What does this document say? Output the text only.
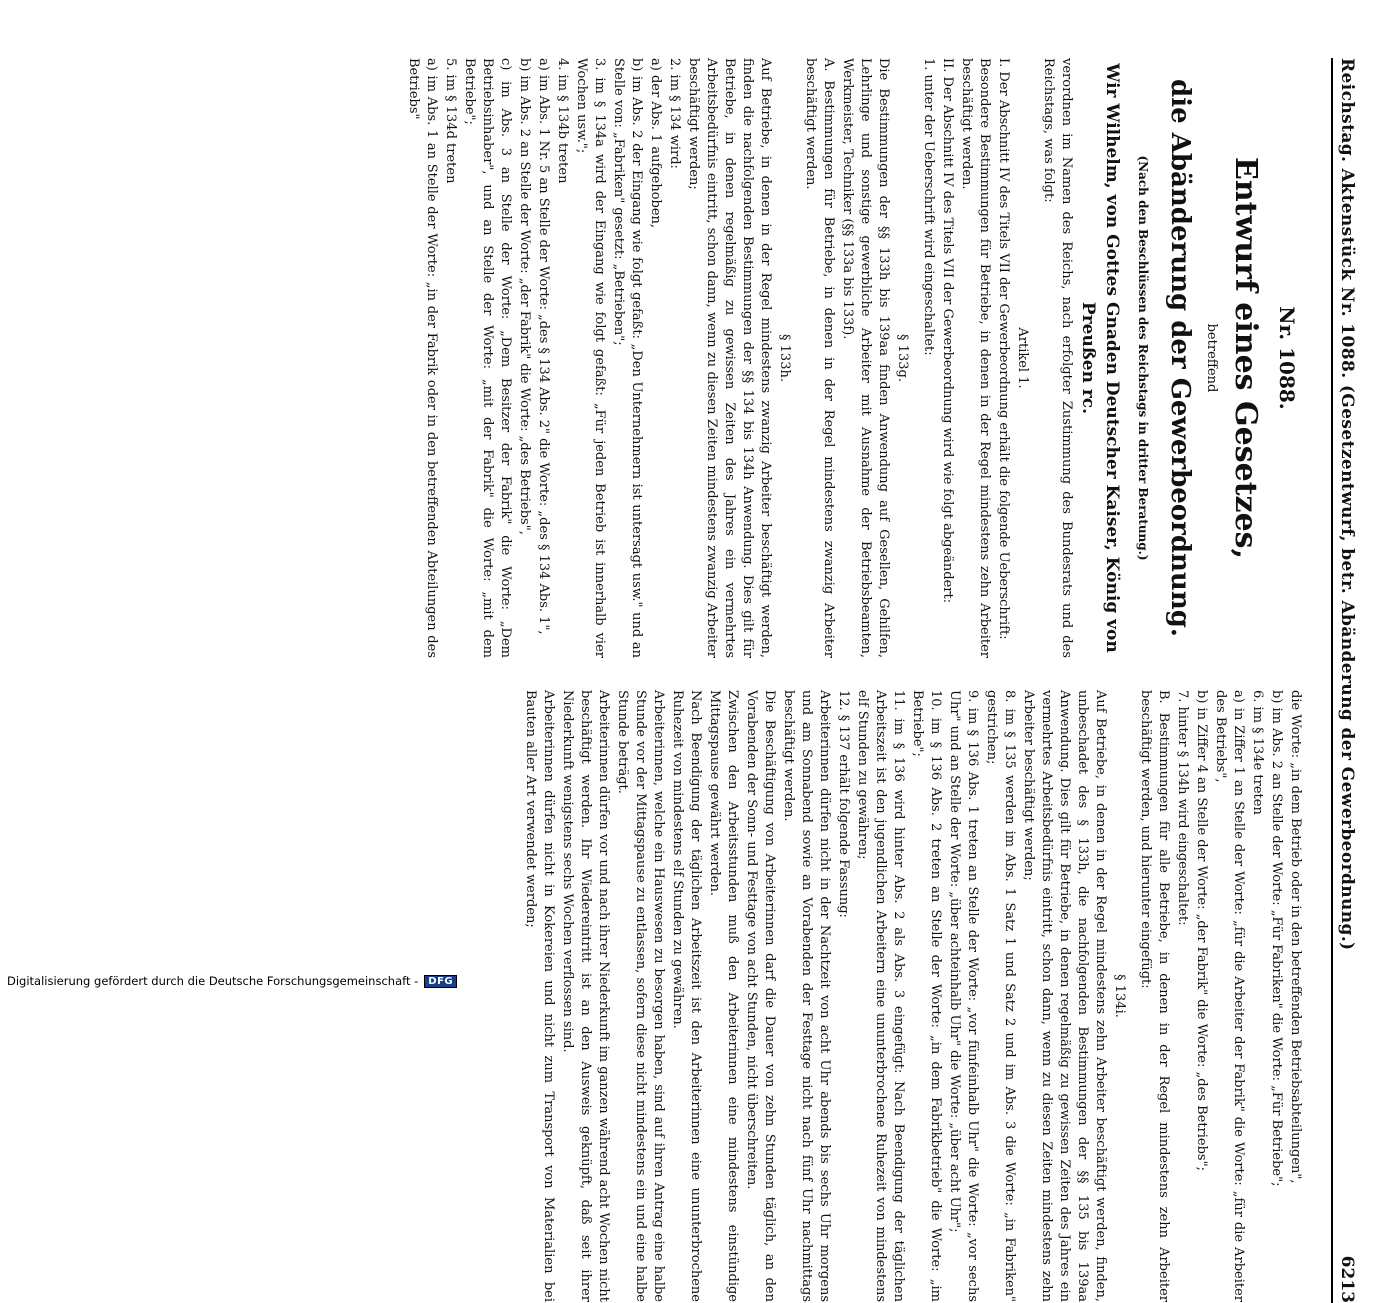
Digitalisierung gefördert durch die Deutsche Forschungsgemeinschaft -	DFG
Reichstag. Aktenstück Nr. 1088. (Gesetzentwurf, betr. Abänderung der Gewerbeordnung.)
6213
Nr. 1088.
Entwurf eines Gesetzes,
betreffend
die Abänderung der Gewerbeordnung.
(Nach den Beschlüssen des Reichstags in dritter Beratung.)
Wir Wilhelm, von Gottes Gnaden Deutscher Kaiser, König von Preußen rc.
verordnen im Namen des Reichs, nach erfolgter Zustimmung des Bundesrats und des Reichstags, was folgt:
Artikel 1.
I. Der Abschnitt IV des Titels VII der Gewerbeordnung erhält die folgende Ueberschrift:
Besondere Bestimmungen für Betriebe, in denen in der Regel mindestens zehn Arbeiter beschäftigt werden.
II. Der Abschnitt IV des Titels VII der Gewerbeordnung wird wie folgt abgeändert:
1. unter der Ueberschrift wird eingeschaltet:
§ 133g.
Die Bestimmungen der §§ 133h bis 139aa finden Anwendung auf Gesellen, Gehilfen, Lehrlinge und sonstige gewerbliche Arbeiter mit Ausnahme der Betriebsbeamten, Werkmeister, Techniker (§§ 133a bis 133f).
A. Bestimmungen für Betriebe, in denen in der Regel mindestens zwanzig Arbeiter beschäftigt werden.
§ 133h.
Auf Betriebe, in denen in der Regel mindestens zwanzig Arbeiter beschäftigt werden, finden die nachfolgenden Bestimmungen der §§ 134 bis 134h Anwendung. Dies gilt für Betriebe, in denen regelmäßig zu gewissen Zeiten des Jahres ein vermehrtes Arbeitsbedürfnis eintritt, schon dann, wenn zu diesen Zeiten mindestens zwanzig Arbeiter beschäftigt werden;
2. im § 134 wird:
a) der Abs. 1 aufgehoben,
b) im Abs. 2 der Eingang wie folgt gefaßt: „Den Unternehmern ist untersagt usw." und an Stelle von: „Fabriken" gesetzt: „Betrieben";
3. im § 134a wird der Eingang wie folgt gefaßt: „Für jeden Betrieb ist innerhalb vier Wochen usw.";
4. im § 134b treten
a) im Abs. 1 Nr. 5 an Stelle der Worte: „des § 134 Abs. 2" die Worte: „des § 134 Abs. 1",
b) im Abs. 2 an Stelle der Worte: „der Fabrik" die Worte: „des Betriebs",
c) im Abs. 3 an Stelle der Worte: „Dem Besitzer der Fabrik" die Worte: „Dem Betriebsinhaber", und an Stelle der Worte: „mit der Fabrik" die Worte: „mit dem Betriebe";
5. im § 134d treten
a) im Abs. 1 an Stelle der Worte: „in der Fabrik oder in den betreffenden Abteilungen des Betriebs"
die Worte: „in dem Betrieb oder in den betreffenden Betriebsabteilungen",
b) im Abs. 2 an Stelle der Worte: „Für Fabriken" die Worte: „Für Betriebe";
6. im § 134e treten
a) in Ziffer 1 an Stelle der Worte: „für die Arbeiter der Fabrik" die Worte: „für die Arbeiter des Betriebs",
b) in Ziffer 4 an Stelle der Worte: „der Fabrik" die Worte: „des Betriebs";
7. hinter § 134h wird eingeschaltet:
B. Bestimmungen für alle Betriebe, in denen in der Regel mindestens zehn Arbeiter beschäftigt werden, und hierunter eingefügt:
§ 134i.
Auf Betriebe, in denen in der Regel mindestens zehn Arbeiter beschäftigt werden, finden, unbeschadet des § 133h, die nachfolgenden Bestimmungen der §§ 135 bis 139aa Anwendung. Dies gilt für Betriebe, in denen regelmäßig zu gewissen Zeiten des Jahres ein vermehrtes Arbeitsbedürfnis eintritt, schon dann, wenn zu diesen Zeiten mindestens zehn Arbeiter beschäftigt werden;
8. im § 135 werden im Abs. 1 Satz 1 und Satz 2 und im Abs. 3 die Worte: „in Fabriken" gestrichen;
9. im § 136 Abs. 1 treten an Stelle der Worte: „vor fünfeinhalb Uhr" die Worte: „vor sechs Uhr" und an Stelle der Worte: „über achteinhalb Uhr" die Worte: „über acht Uhr";
10. im § 136 Abs. 2 treten an Stelle der Worte: „in dem Fabrikbetrieb" die Worte: „im Betriebe";
11. im § 136 wird hinter Abs. 2 als Abs. 3 eingefügt: Nach Beendigung der täglichen Arbeitszeit ist den jugendlichen Arbeitern eine ununterbrochene Ruhezeit von mindestens elf Stunden zu gewähren;
12. § 137 erhält folgende Fassung:
Arbeiterinnen dürfen nicht in der Nachtzeit von acht Uhr abends bis sechs Uhr morgens und am Sonnabend sowie an Vorabenden der Festtage nicht nach fünf Uhr nachmittags beschäftigt werden.
Die Beschäftigung von Arbeiterinnen darf die Dauer von zehn Stunden täglich, an den Vorabenden der Sonn- und Festtage von acht Stunden, nicht überschreiten.
Zwischen den Arbeitsstunden muß den Arbeiterinnen eine mindestens einstündige Mittagspause gewährt werden.
Nach Beendigung der täglichen Arbeitszeit ist den Arbeiterinnen eine ununterbrochene Ruhezeit von mindestens elf Stunden zu gewähren.
Arbeiterinnen, welche ein Hauswesen zu besorgen haben, sind auf ihren Antrag eine halbe Stunde vor der Mittagspause zu entlassen, sofern diese nicht mindestens ein und eine halbe Stunde beträgt.
Arbeiterinnen dürfen vor und nach ihrer Niederkunft im ganzen während acht Wochen nicht beschäftigt werden. Ihr Wiedereintritt ist an den Ausweis geknüpft, daß seit ihrer Niederkunft wenigstens sechs Wochen verflossen sind.
Arbeiterinnen dürfen nicht in Kokereien und nicht zum Transport von Materialien bei Bauten aller Art verwendet werden;
